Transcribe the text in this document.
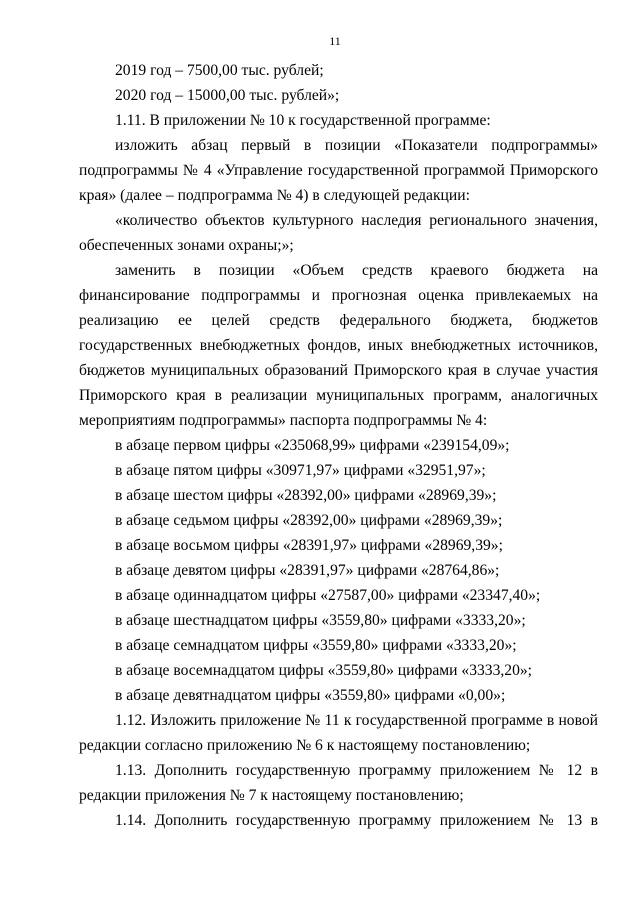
11
2019 год – 7500,00 тыс. рублей;
2020 год – 15000,00 тыс. рублей»;
1.11. В приложении № 10 к государственной программе:
изложить абзац первый в позиции «Показатели подпрограммы»
подпрограммы № 4 «Управление государственной программой Приморского
края» (далее – подпрограмма № 4) в следующей редакции:
«количество объектов культурного наследия регионального значения,
обеспеченных зонами охраны;»;
заменить в позиции «Объем средств краевого бюджета на
финансирование подпрограммы и прогнозная оценка привлекаемых на
реализацию ее целей средств федерального бюджета, бюджетов
государственных внебюджетных фондов, иных внебюджетных источников,
бюджетов муниципальных образований Приморского края в случае участия
Приморского края в реализации муниципальных программ, аналогичных
мероприятиям подпрограммы» паспорта подпрограммы № 4:
в абзаце первом цифры «235068,99» цифрами «239154,09»;
в абзаце пятом цифры «30971,97» цифрами «32951,97»;
в абзаце шестом цифры «28392,00» цифрами «28969,39»;
в абзаце седьмом цифры «28392,00» цифрами «28969,39»;
в абзаце восьмом цифры «28391,97» цифрами «28969,39»;
в абзаце девятом цифры «28391,97» цифрами «28764,86»;
в абзаце одиннадцатом цифры «27587,00» цифрами «23347,40»;
в абзаце шестнадцатом цифры «3559,80» цифрами «3333,20»;
в абзаце семнадцатом цифры «3559,80» цифрами «3333,20»;
в абзаце восемнадцатом цифры «3559,80» цифрами «3333,20»;
в абзаце девятнадцатом цифры «3559,80» цифрами «0,00»;
1.12. Изложить приложение № 11 к государственной программе в новой
редакции согласно приложению № 6 к настоящему постановлению;
1.13. Дополнить государственную программу приложением № 12 в
редакции приложения № 7 к настоящему постановлению;
1.14. Дополнить государственную программу приложением № 13 в
